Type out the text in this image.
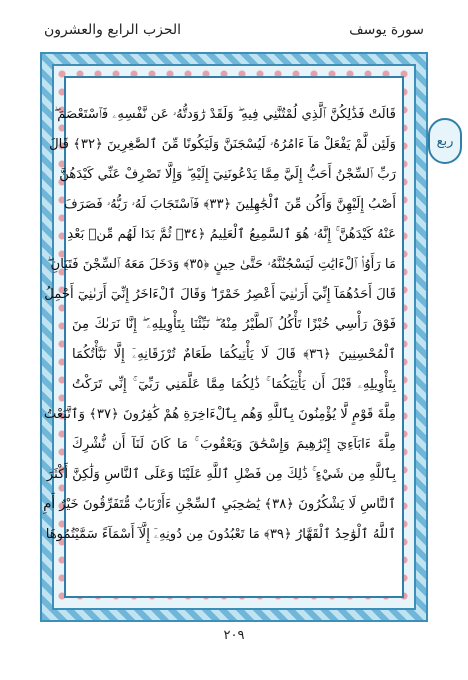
الحزب الرابع والعشرون	سورة يوسف
قَالَتْ فَذَٰلِكُنَّ ٱلَّذِي لُمْتُنَّنِي فِيهِ ۖ وَلَقَدْ رَٰوَدتُّهُۥ عَن نَّفْسِهِۦ فَٱسْتَعْصَمَ ۖ
وَلَئِن لَّمْ يَفْعَلْ مَآ ءَامُرُهُۥ لَيُسْجَنَنَّ وَلَيَكُونًا مِّنَ ٱلصَّٰغِرِينَ ﴿٣٢﴾ قَالَ
رَبِّ ٱلسِّجْنُ أَحَبُّ إِلَيَّ مِمَّا يَدْعُونَنِيٓ إِلَيْهِ ۖ وَإِلَّا تَصْرِفْ عَنِّي كَيْدَهُنَّ
أَصْبُ إِلَيْهِنَّ وَأَكُن مِّنَ ٱلْجَٰهِلِينَ ﴿٣٣﴾ فَٱسْتَجَابَ لَهُۥ رَبُّهُۥ فَصَرَفَ
عَنْهُ كَيْدَهُنَّ ۚ إِنَّهُۥ هُوَ ٱلسَّمِيعُ ٱلْعَلِيمُ ﴿٣٤﴾ ثُمَّ بَدَا لَهُم مِّنۢ بَعْدِ
مَا رَأَوُا۟ ٱلْءَايَٰتِ لَيَسْجُنُنَّهُۥ حَتَّىٰ حِينٍ ﴿٣٥﴾ وَدَخَلَ مَعَهُ ٱلسِّجْنَ فَتَيَانِ ۖ
قَالَ أَحَدُهُمَآ إِنِّيٓ أَرَىٰنِيٓ أَعْصِرُ خَمْرًا ۖ وَقَالَ ٱلْءَاخَرُ إِنِّيٓ أَرَىٰنِيٓ أَحْمِلُ
فَوْقَ رَأْسِي خُبْزًا تَأْكُلُ ٱلطَّيْرُ مِنْهُ ۖ نَبِّئْنَا بِتَأْوِيلِهِۦٓ ۖ إِنَّا نَرَىٰكَ مِنَ
ٱلْمُحْسِنِينَ ﴿٣٦﴾ قَالَ لَا يَأْتِيكُمَا طَعَامٌ تُرْزَقَانِهِۦٓ إِلَّا نَبَّأْتُكُمَا
بِتَأْوِيلِهِۦ قَبْلَ أَن يَأْتِيَكُمَا ۚ ذَٰلِكُمَا مِمَّا عَلَّمَنِي رَبِّيٓ ۚ إِنِّي تَرَكْتُ
مِلَّةَ قَوْمٍ لَّا يُؤْمِنُونَ بِٱللَّهِ وَهُم بِٱلْءَاخِرَةِ هُمْ كَٰفِرُونَ ﴿٣٧﴾ وَٱتَّبَعْتُ
مِلَّةَ ءَابَآءِيٓ إِبْرَٰهِيمَ وَإِسْحَٰقَ وَيَعْقُوبَ ۚ مَا كَانَ لَنَآ أَن نُّشْرِكَ
بِٱللَّهِ مِن شَيْءٍ ۚ ذَٰلِكَ مِن فَضْلِ ٱللَّهِ عَلَيْنَا وَعَلَى ٱلنَّاسِ وَلَٰكِنَّ أَكْثَرَ
ٱلنَّاسِ لَا يَشْكُرُونَ ﴿٣٨﴾ يَٰصَٰحِبَيِ ٱلسِّجْنِ ءَأَرْبَابٌ مُّتَفَرِّقُونَ خَيْرٌ أَمِ
ٱللَّهُ ٱلْوَٰحِدُ ٱلْقَهَّارُ ﴿٣٩﴾ مَا تَعْبُدُونَ مِن دُونِهِۦٓ إِلَّآ أَسْمَآءً سَمَّيْتُمُوهَا
ربع
٢٠٩
